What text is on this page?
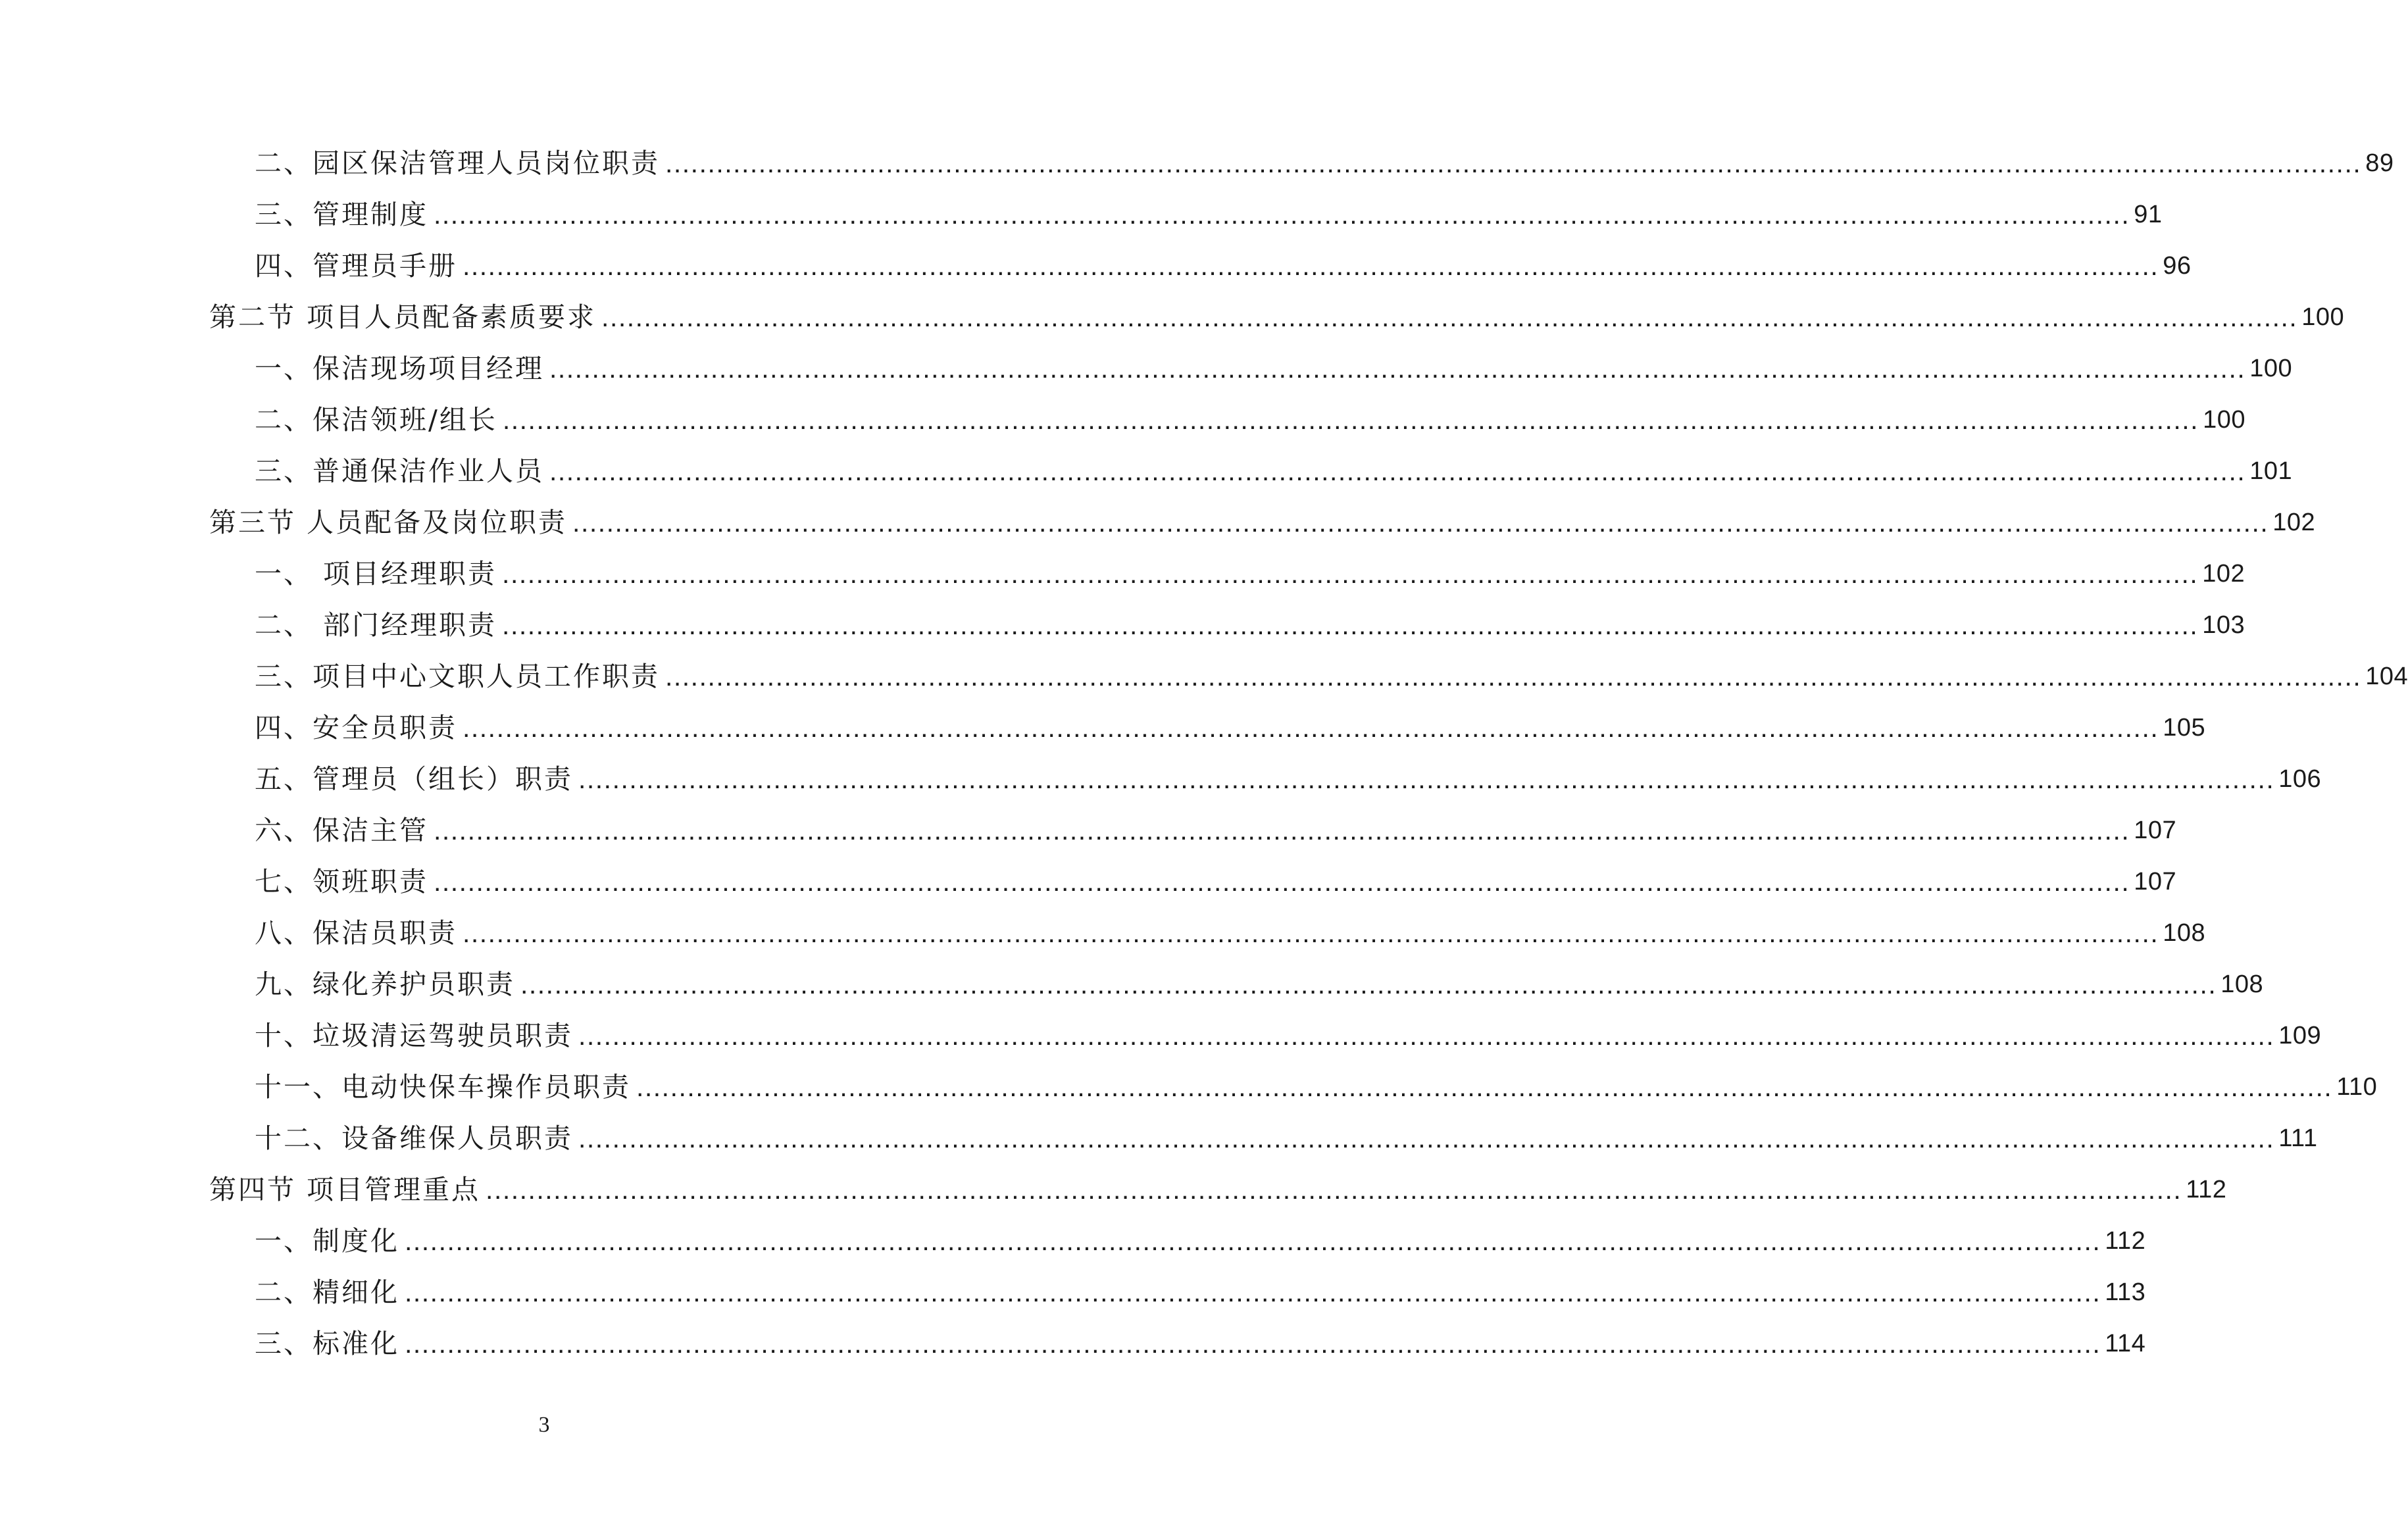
二、园区保洁管理人员岗位职责 ........................................................................................................................................................................................................ 89
三、管理制度 ........................................................................................................................................................................................................ 91
四、管理员手册 ........................................................................................................................................................................................................ 96
第二节 项目人员配备素质要求 ........................................................................................................................................................................................................ 100
一、保洁现场项目经理 ........................................................................................................................................................................................................ 100
二、保洁领班/组长 ........................................................................................................................................................................................................ 100
三、普通保洁作业人员 ........................................................................................................................................................................................................ 101
第三节 人员配备及岗位职责 ........................................................................................................................................................................................................ 102
一、 项目经理职责 ........................................................................................................................................................................................................ 102
二、 部门经理职责 ........................................................................................................................................................................................................ 103
三、项目中心文职人员工作职责 ........................................................................................................................................................................................................ 104
四、安全员职责 ........................................................................................................................................................................................................ 105
五、管理员（组长）职责 ........................................................................................................................................................................................................ 106
六、保洁主管 ........................................................................................................................................................................................................ 107
七、领班职责 ........................................................................................................................................................................................................ 107
八、保洁员职责 ........................................................................................................................................................................................................ 108
九、绿化养护员职责 ........................................................................................................................................................................................................ 108
十、垃圾清运驾驶员职责 ........................................................................................................................................................................................................ 109
十一、电动快保车操作员职责 ........................................................................................................................................................................................................ 110
十二、设备维保人员职责 ........................................................................................................................................................................................................ 111
第四节 项目管理重点 ........................................................................................................................................................................................................ 112
一、制度化 ........................................................................................................................................................................................................ 112
二、精细化 ........................................................................................................................................................................................................ 113
三、标准化 ........................................................................................................................................................................................................ 114
3
